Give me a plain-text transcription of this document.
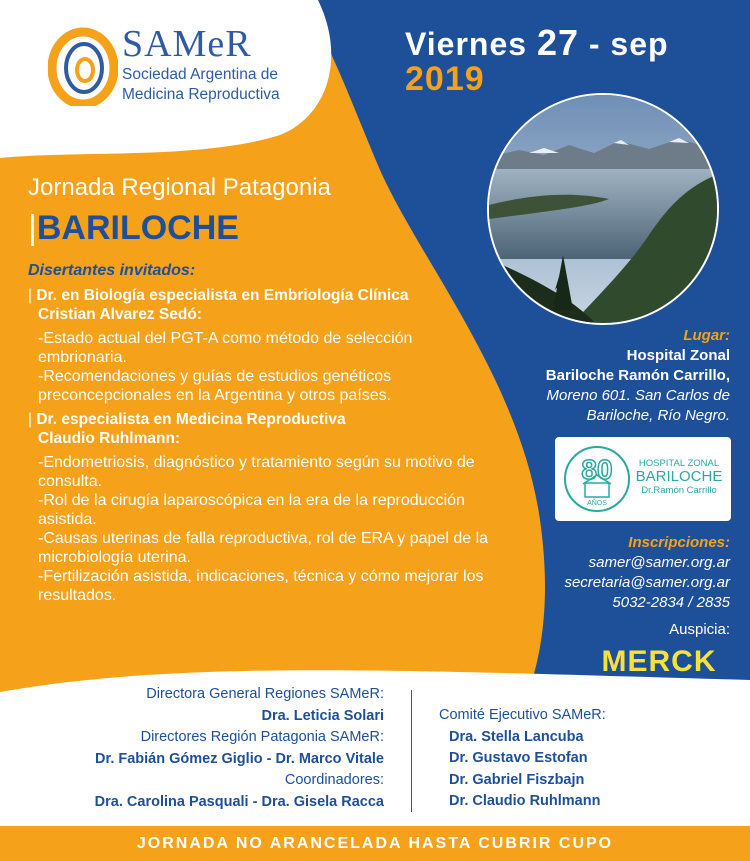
SAMeR
Sociedad Argentina de
Medicina Reproductiva
Viernes 27 - sep
2019
Jornada Regional Patagonia
|BARILOCHE
Disertantes invitados:
| Dr. en Biología especialista en Embriología Clínica
Cristian Alvarez Sedó:
-Estado actual del PGT-A como método de selección embrionaria.
-Recomendaciones y guías de estudios genéticos preconcepcionales en la Argentina y otros países.
| Dr. especialista en Medicina Reproductiva
Claudio Ruhlmann:
-Endometriosis, diagnóstico y tratamiento según su motivo de consulta.
-Rol de la cirugía laparoscópica en la era de la reproducción asistida.
-Causas uterinas de falla reproductiva, rol de ERA y papel de la microbiología uterina.
-Fertilización asistida, indicaciones, técnica y cómo mejorar los resultados.
Lugar:
Hospital Zonal
Bariloche Ramón Carrillo,
Moreno 601. San Carlos de
Bariloche, Río Negro.
80
AÑOS
HOSPITAL ZONAL
BARILOCHE
Dr.Ramón Carrillo
Inscripciones:
samer@samer.org.ar
secretaria@samer.org.ar
5032-2834 / 2835
Auspicia:
MERCK
Directora General Regiones SAMeR:
Dra. Leticia Solari
Directores Región Patagonia SAMeR:
Dr. Fabián Gómez Giglio - Dr. Marco Vitale
Coordinadores:
Dra. Carolina Pasquali - Dra. Gisela Racca
Comité Ejecutivo SAMeR:
Dra. Stella Lancuba
Dr. Gustavo Estofan
Dr. Gabriel Fiszbajn
Dr. Claudio Ruhlmann
JORNADA NO ARANCELADA HASTA CUBRIR CUPO
